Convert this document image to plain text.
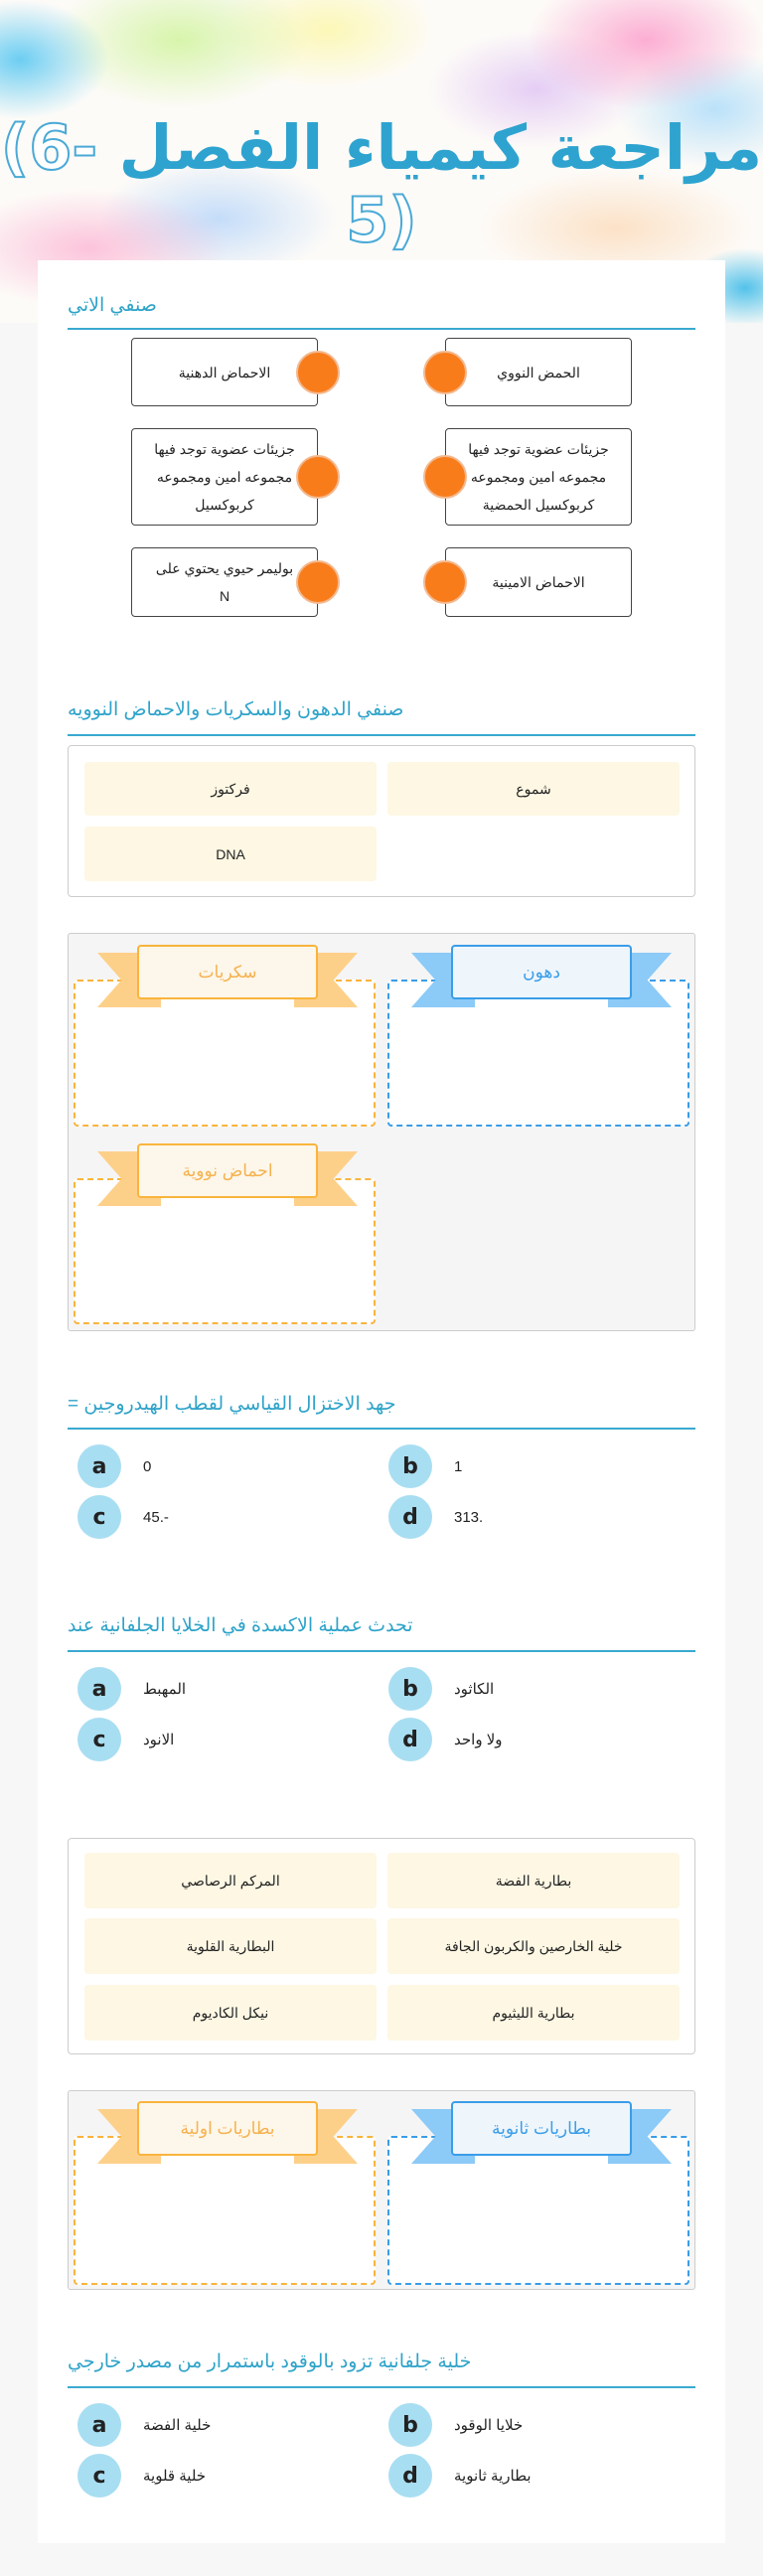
مراجعة كيمياء الفصل (6-5)
صنفي الاتي
الاحماض الدهنية
جزيئات عضوية توجد فيها مجموعه امين ومجموعه كربوكسيل
بوليمر حيوي يحتوي على N
الحمض النووي
جزيئات عضوية توجد فيها مجموعه امين ومجموعه كربوكسيل الحمضية
الاحماض الامينية
صنفي الدهون والسكريات والاحماض النوويه
فركتوز	شموع
DNA
سكريات	دهون
احماض نووية
جهد الاختزال القياسي لقطب الهيدروجين =
a	0	b	1
c	-.45	d	.313
تحدث عملية الاكسدة في الخلايا الجلفانية عند
a	المهبط	b	الكاثود
c	الانود	d	ولا واحد
المركم الرصاصي	بطارية الفضة
البطارية القلوية	خلية الخارصين والكربون الجافة
نيكل الكاديوم	بطارية الليثيوم
بطاريات اولية	بطاريات ثانوية
خلية جلفانية تزود بالوقود باستمرار من مصدر خارجي
a	خلية الفضة	b	خلايا الوقود
c	خلية قلوية	d	بطارية ثانوية
